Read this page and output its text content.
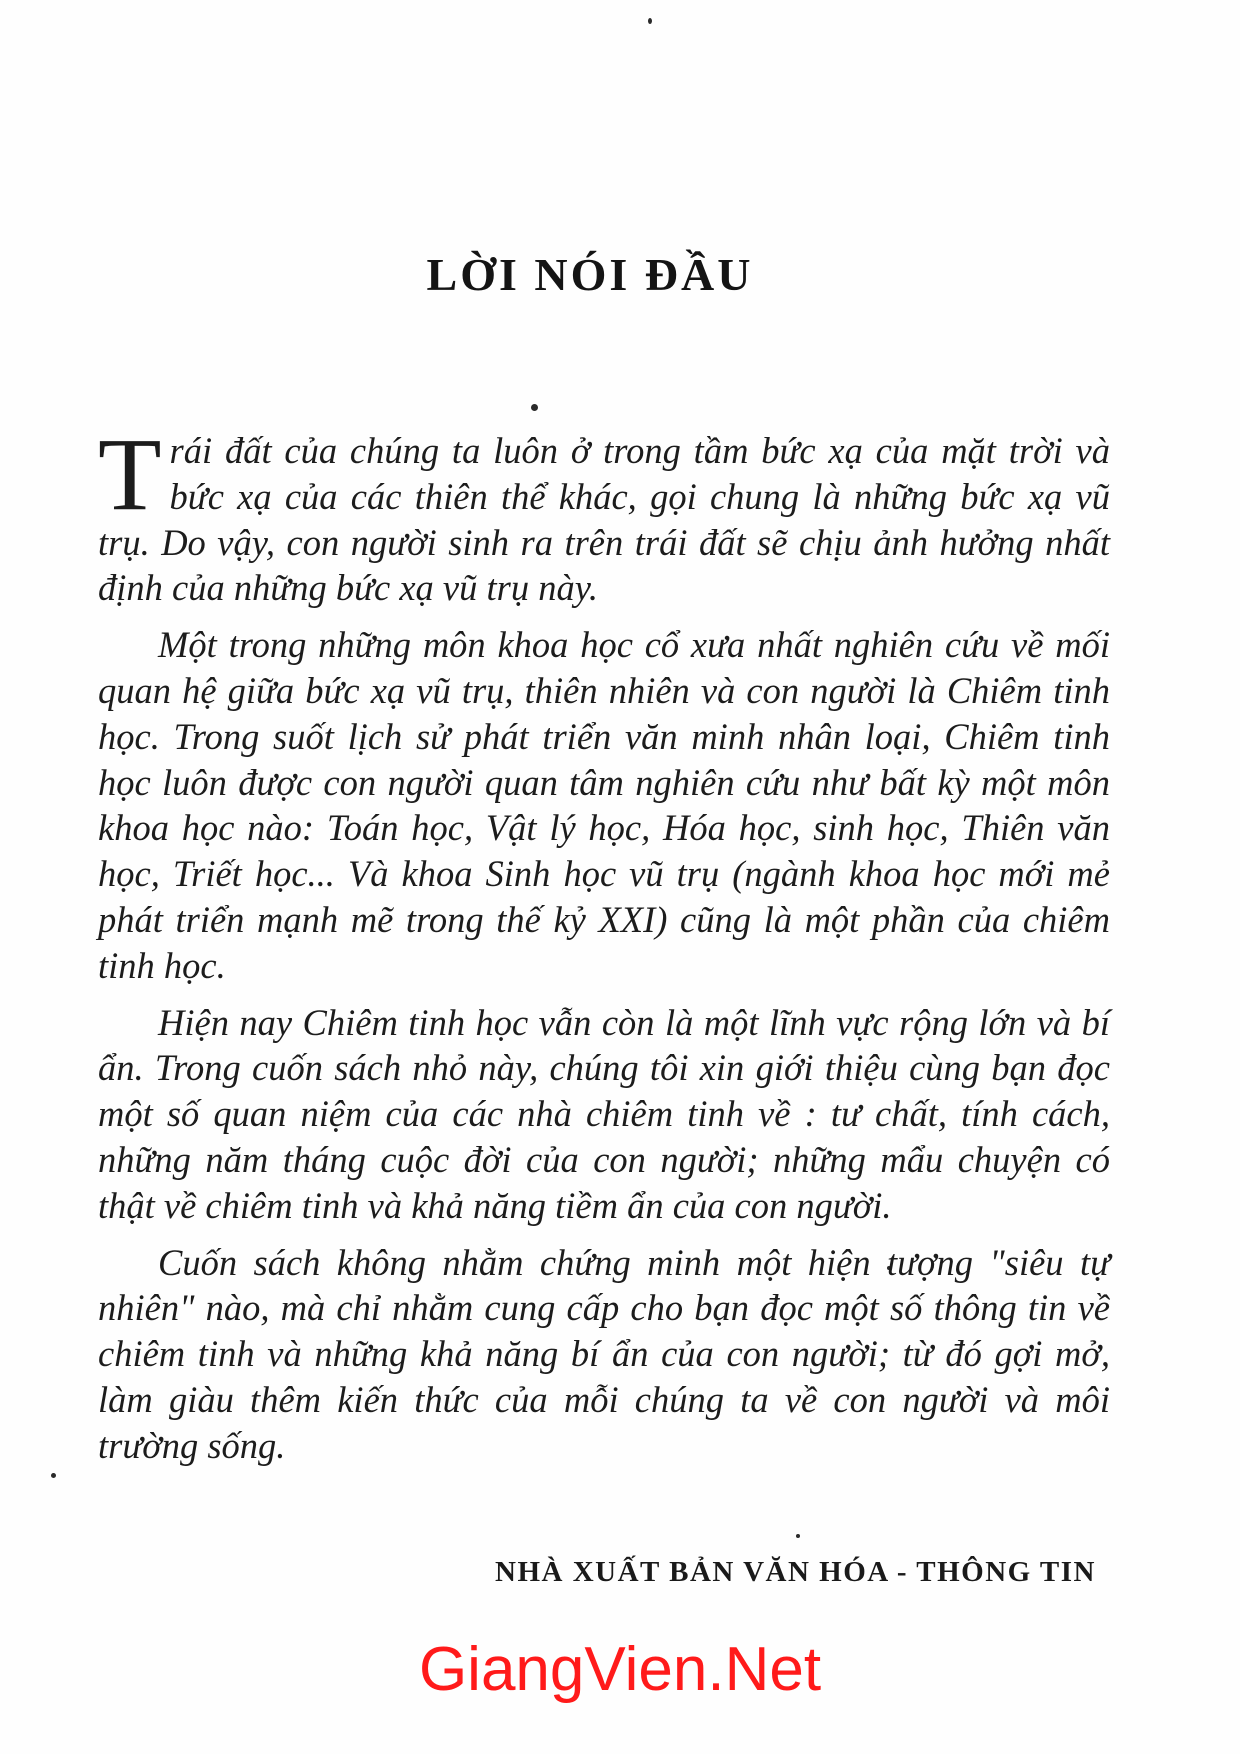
LỜI NÓI ĐẦU

T rái đất của chúng ta luôn ở trong tầm bức xạ của mặt trời và bức xạ của các thiên thể khác, gọi chung là những bức xạ vũ trụ. Do vậy, con người sinh ra trên trái đất sẽ chịu ảnh hưởng nhất định của những bức xạ vũ trụ này.

Một trong những môn khoa học cổ xưa nhất nghiên cứu về mối quan hệ giữa bức xạ vũ trụ, thiên nhiên và con người là Chiêm tinh học. Trong suốt lịch sử phát triển văn minh nhân loại, Chiêm tinh học luôn được con người quan tâm nghiên cứu như bất kỳ một môn khoa học nào: Toán học, Vật lý học, Hóa học, sinh học, Thiên văn học, Triết học... Và khoa Sinh học vũ trụ (ngành khoa học mới mẻ phát triển mạnh mẽ trong thế kỷ XXI) cũng là một phần của chiêm tinh học.

Hiện nay Chiêm tinh học vẫn còn là một lĩnh vực rộng lớn và bí ẩn. Trong cuốn sách nhỏ này, chúng tôi xin giới thiệu cùng bạn đọc một số quan niệm của các nhà chiêm tinh về : tư chất, tính cách, những năm tháng cuộc đời của con người; những mẩu chuyện có thật về chiêm tinh và khả năng tiềm ẩn của con người.

Cuốn sách không nhằm chứng minh một hiện tượng "siêu tự nhiên" nào, mà chỉ nhằm cung cấp cho bạn đọc một số thông tin về chiêm tinh và những khả năng bí ẩn của con người; từ đó gợi mở, làm giàu thêm kiến thức của mỗi chúng ta về con người và môi trường sống.

NHÀ XUẤT BẢN VĂN HÓA - THÔNG TIN

GiangVien.Net
